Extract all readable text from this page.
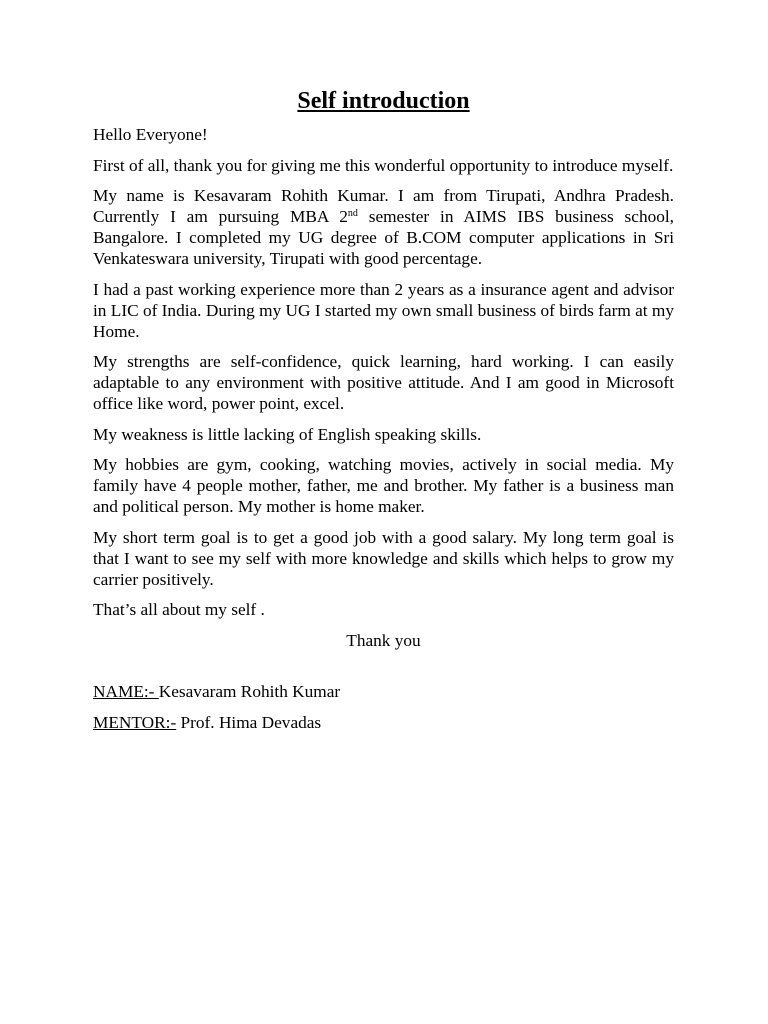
Self introduction

Hello Everyone!

First of all, thank you for giving me this wonderful opportunity to introduce myself.

My name is Kesavaram Rohith Kumar. I am from Tirupati, Andhra Pradesh. Currently I am pursuing MBA 2nd semester in AIMS IBS business school, Bangalore. I completed my UG degree of B.COM computer applications in Sri Venkateswara university, Tirupati with good percentage.

I had a past working experience more than 2 years as a insurance agent and advisor in LIC of India. During my UG I started my own small business of birds farm at my Home.

My strengths are self-confidence, quick learning, hard working. I can easily adaptable to any environment with positive attitude. And I am good in Microsoft office like word, power point, excel.

My weakness is little lacking of English speaking skills.

My hobbies are gym, cooking, watching movies, actively in social media. My family have 4 people mother, father, me and brother. My father is a business man and political person. My mother is home maker.

My short term goal is to get a good job with a good salary. My long term goal is that I want to see my self with more knowledge and skills which helps to grow my carrier positively.

That’s all about my self .

Thank you

NAME:- Kesavaram Rohith Kumar

MENTOR:- Prof. Hima Devadas
